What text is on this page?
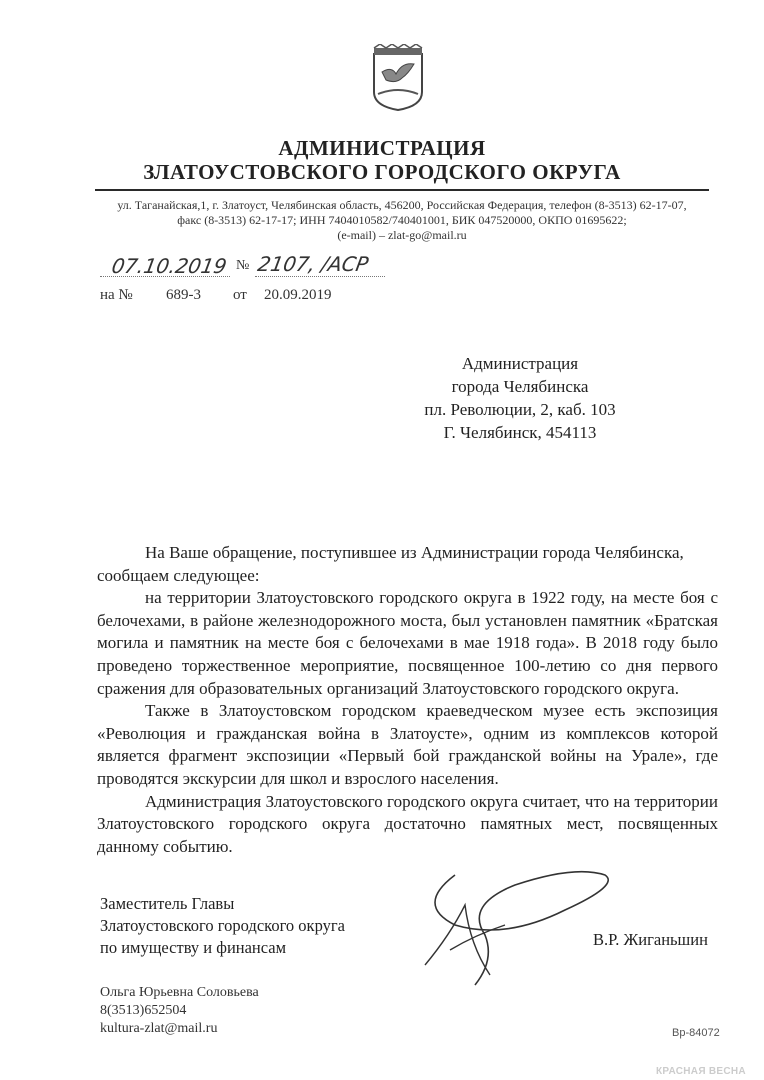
АДМИНИСТРАЦИЯ
ЗЛАТОУСТОВСКОГО ГОРОДСКОГО ОКРУГА
ул. Таганайская,1, г. Златоуст, Челябинская область, 456200, Российская Федерация, телефон (8-3513) 62-17-07,
факс (8-3513) 62-17-17; ИНН 7404010582/740401001, БИК 047520000, ОКПО 01695622;
(e-mail) – zlat-go@mail.ru
07.10.2019 № 2107, /АСР
на № 689-3 от 20.09.2019
Администрация
города Челябинска
пл. Революции, 2, каб. 103
Г. Челябинск, 454113

На Ваше обращение, поступившее из Администрации города Челябинска,

сообщаем следующее:

на территории Златоустовского городского округа в 1922 году, на месте боя с белочехами, в районе железнодорожного моста, был установлен памятник «Братская могила и памятник на месте боя с белочехами в мае 1918 года». В 2018 году было проведено торжественное мероприятие, посвященное 100-летию со дня первого сражения для образовательных организаций Златоустовского городского округа.

Также в Златоустовском городском краеведческом музее есть экспозиция «Революция и гражданская война в Златоусте», одним из комплексов которой является фрагмент экспозиции «Первый бой гражданской войны на Урале», где проводятся экскурсии для школ и взрослого населения.

Администрация Златоустовского городского округа считает, что на территории Златоустовского городского округа достаточно памятных мест, посвященных данному событию.

Заместитель Главы
Златоустовского городского округа
по имуществу и финансам	В.Р. Жиганьшин
Ольга Юрьевна Соловьева
8(3513)652504
kultura-zlat@mail.ru	Вр-84072
КРАСНАЯ ВЕСНА
